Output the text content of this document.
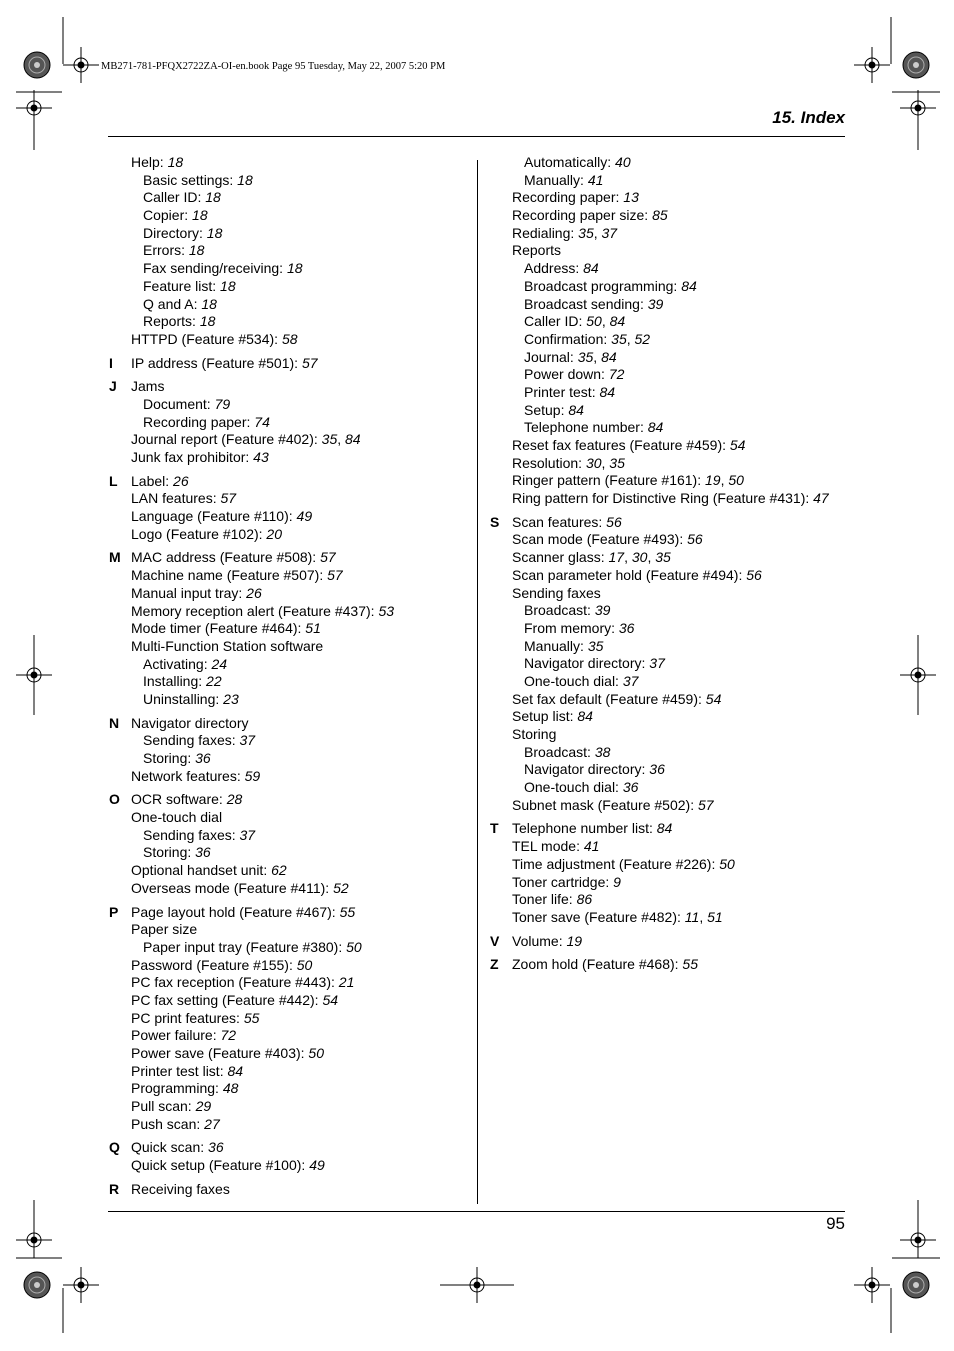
MB271-781-PFQX2722ZA-OI-en.book Page 95 Tuesday, May 22, 2007 5:20 PM
15. Index
Help: 18
Basic settings: 18
Caller ID: 18
Copier: 18
Directory: 18
Errors: 18
Fax sending/receiving: 18
Feature list: 18
Q and A: 18
Reports: 18
HTTPD (Feature #534): 58
I IP address (Feature #501): 57
J Jams
Document: 79
Recording paper: 74
Journal report (Feature #402): 35, 84
Junk fax prohibitor: 43
L Label: 26
LAN features: 57
Language (Feature #110): 49
Logo (Feature #102): 20
M MAC address (Feature #508): 57
Machine name (Feature #507): 57
Manual input tray: 26
Memory reception alert (Feature #437): 53
Mode timer (Feature #464): 51
Multi-Function Station software
Activating: 24
Installing: 22
Uninstalling: 23
N Navigator directory
Sending faxes: 37
Storing: 36
Network features: 59
O OCR software: 28
One-touch dial
Sending faxes: 37
Storing: 36
Optional handset unit: 62
Overseas mode (Feature #411): 52
P Page layout hold (Feature #467): 55
Paper size
Paper input tray (Feature #380): 50
Password (Feature #155): 50
PC fax reception (Feature #443): 21
PC fax setting (Feature #442): 54
PC print features: 55
Power failure: 72
Power save (Feature #403): 50
Printer test list: 84
Programming: 48
Pull scan: 29
Push scan: 27
Q Quick scan: 36
Quick setup (Feature #100): 49
R Receiving faxes
Automatically: 40
Manually: 41
Recording paper: 13
Recording paper size: 85
Redialing: 35, 37
Reports
Address: 84
Broadcast programming: 84
Broadcast sending: 39
Caller ID: 50, 84
Confirmation: 35, 52
Journal: 35, 84
Power down: 72
Printer test: 84
Setup: 84
Telephone number: 84
Reset fax features (Feature #459): 54
Resolution: 30, 35
Ringer pattern (Feature #161): 19, 50
Ring pattern for Distinctive Ring (Feature #431): 47
S Scan features: 56
Scan mode (Feature #493): 56
Scanner glass: 17, 30, 35
Scan parameter hold (Feature #494): 56
Sending faxes
Broadcast: 39
From memory: 36
Manually: 35
Navigator directory: 37
One-touch dial: 37
Set fax default (Feature #459): 54
Setup list: 84
Storing
Broadcast: 38
Navigator directory: 36
One-touch dial: 36
Subnet mask (Feature #502): 57
T Telephone number list: 84
TEL mode: 41
Time adjustment (Feature #226): 50
Toner cartridge: 9
Toner life: 86
Toner save (Feature #482): 11, 51
V Volume: 19
Z Zoom hold (Feature #468): 55
95
